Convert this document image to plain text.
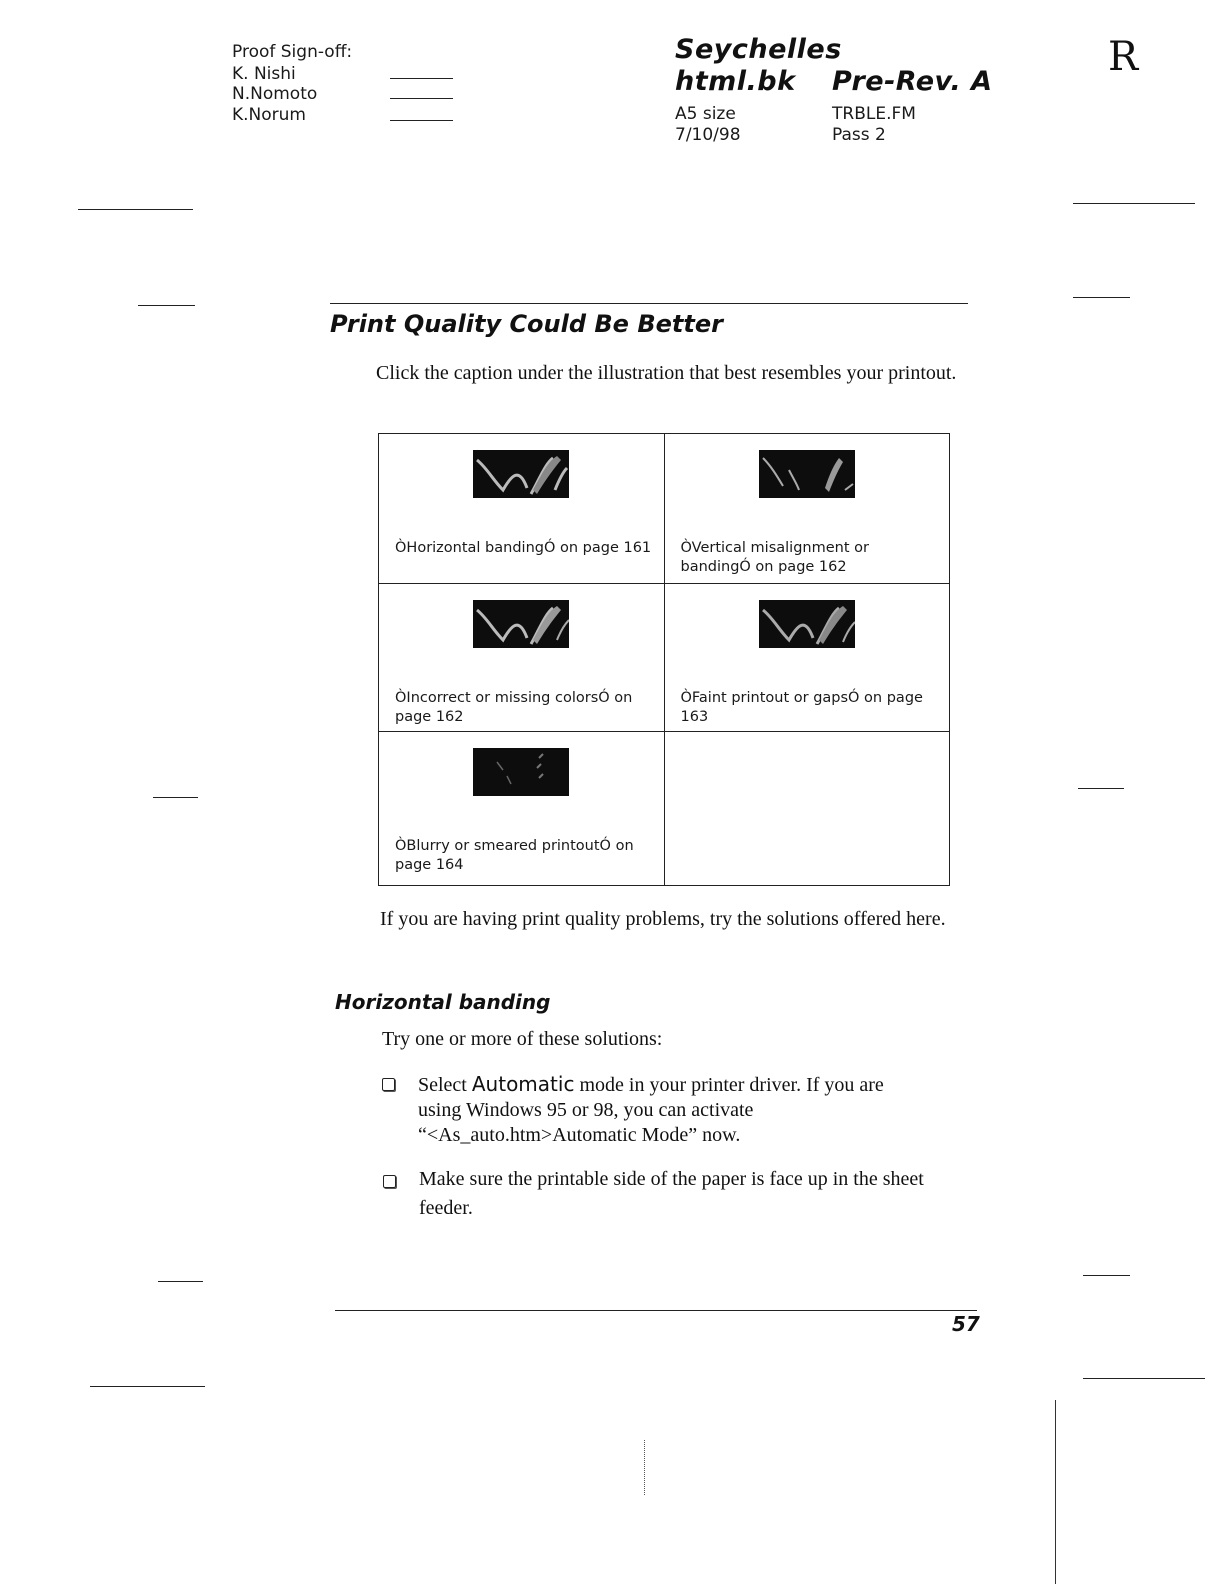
Proof Sign-off:
K. Nishi
N.Nomoto
K.Norum
Seychelles
html.bk Pre-Rev. A
A5 size
7/10/98
TRBLE.FM
Pass 2
R
Print Quality Could Be Better
Click the caption under the illustration that best resembles your printout.
ÒHorizontal bandingÓ on page 161	ÒVertical misalignment or bandingÓ on page 162

ÒIncorrect or missing colorsÓ on page 162	ÒFaint printout or gapsÓ on page 163

ÒBlurry or smeared printoutÓ on page 164	

If you are having print quality problems, try the solutions offered here.
Horizontal banding
Try one or more of these solutions:
Select Automatic mode in your printer driver. If you are
using Windows 95 or 98, you can activate
“<As_auto.htm>Automatic Mode” now.
Make sure the printable side of the paper is face up in the sheet
feeder.
57
